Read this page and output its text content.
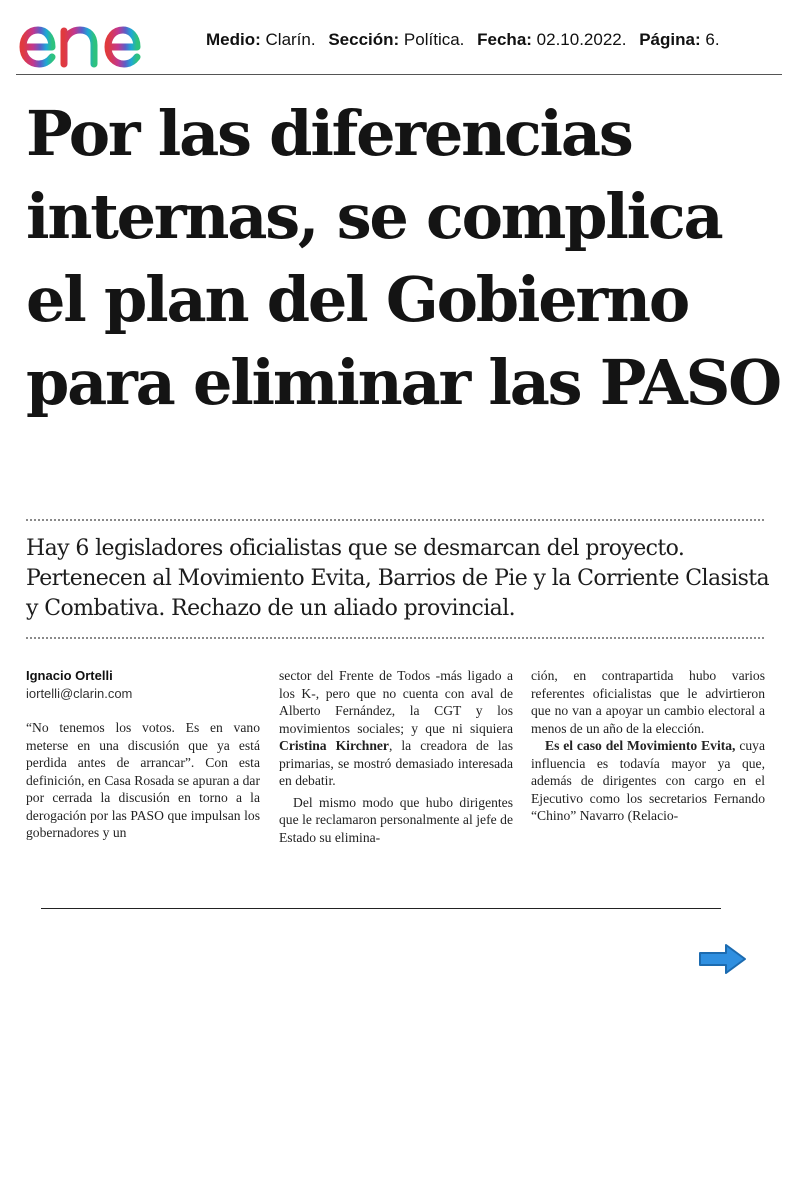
Medio: Clarín. Sección: Política. Fecha: 02.10.2022. Página: 6.
Por las diferencias internas, se complica el plan del Gobierno para eliminar las PASO

Hay 6 legisladores oficialistas que se desmarcan del proyecto. Pertenecen al Movimiento Evita, Barrios de Pie y la Corriente Clasista y Combativa. Rechazo de un aliado provincial.

Ignacio Ortelli

iortelli@clarin.com

“No tenemos los votos. Es en vano meterse en una discusión que ya está perdida antes de arrancar”. Con esta definición, en Casa Rosada se apuran a dar por cerrada la discusión en torno a la derogación por las PASO que impulsan los gobernadores y un

sector del Frente de Todos -más ligado a los K-, pero que no cuenta con aval de Alberto Fernández, la CGT y los movimientos sociales; y que ni siquiera Cristina Kirchner, la creadora de las primarias, se mostró demasiado interesada en debatir.

Del mismo modo que hubo dirigentes que le reclamaron personalmente al jefe de Estado su elimina-

ción, en contrapartida hubo varios referentes oficialistas que le advirtieron que no van a apoyar un cambio electoral a menos de un año de la elección.

Es el caso del Movimiento Evita, cuya influencia es todavía mayor ya que, además de dirigentes con cargo en el Ejecutivo como los secretarios Fernando “Chino” Navarro (Relacio-
